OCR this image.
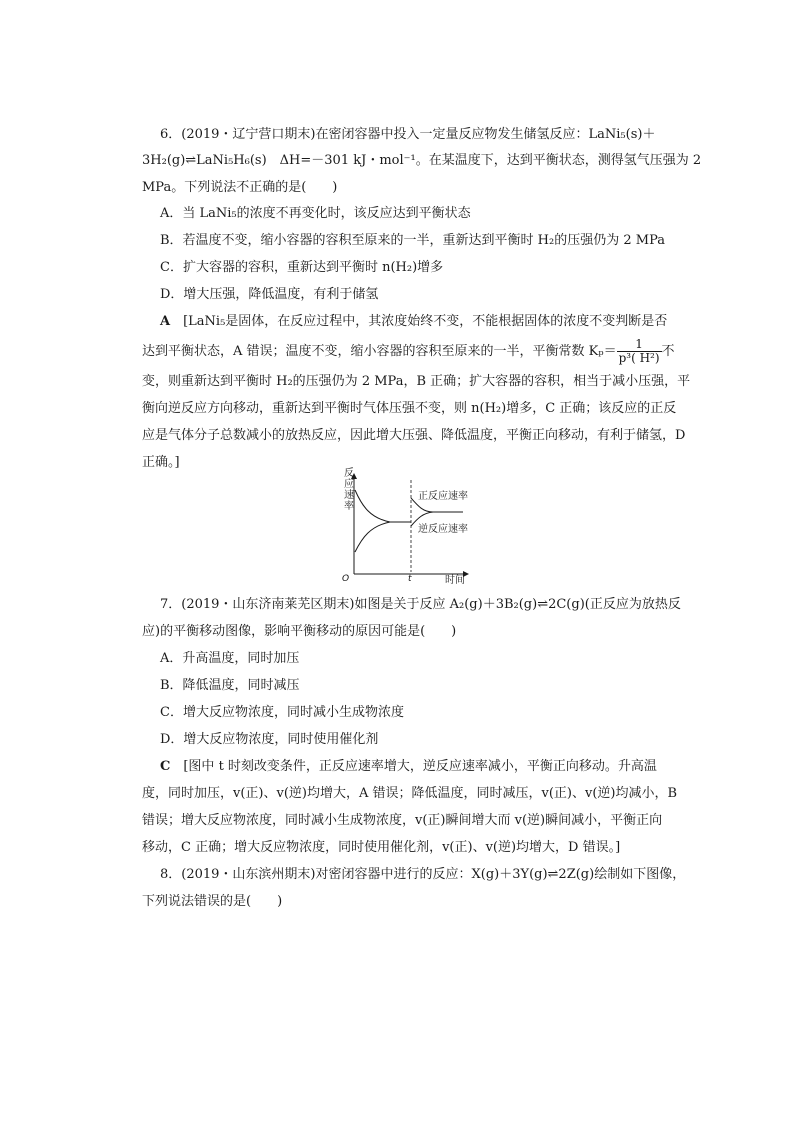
6．(2019・辽宁营口期末)在密闭容器中投入一定量反应物发生储氢反应：LaNi₅(s)＋
3H₂(g)⇌LaNi₅H₆(s)　ΔH=－301 kJ・mol⁻¹。在某温度下，达到平衡状态，测得氢气压强为 2
MPa。下列说法不正确的是(　　)
A．当 LaNi₅的浓度不再变化时，该反应达到平衡状态
B．若温度不变，缩小容器的容积至原来的一半，重新达到平衡时 H₂的压强仍为 2 MPa
C．扩大容器的容积，重新达到平衡时 n(H₂)增多
D．增大压强，降低温度，有利于储氢
A　[LaNi₅是固体，在反应过程中，其浓度始终不变，不能根据固体的浓度不变判断是否
达到平衡状态，A 错误；温度不变，缩小容器的容积至原来的一半，平衡常数 $K_p= \frac{1}{\text{p³( H²)}}$ 不
变，则重新达到平衡时 H₂的压强仍为 2 MPa，B 正确；扩大容器的容积，相当于减小压强，平
衡向逆反应方向移动，重新达到平衡时气体压强不变，则 n(H₂)增多，C 正确；该反应的正反
应是气体分子总数减小的放热反应，因此增大压强、降低温度，平衡正向移动，有利于储氢，D
正确。]
反
应
速
率
O	t	时间
正反应速率
逆反应速率
7．(2019・山东济南莱芜区期末)如图是关于反应 A₂(g)＋3B₂(g)⇌2C(g)(正反应为放热反
应)的平衡移动图像，影响平衡移动的原因可能是(　　)
A．升高温度，同时加压
B．降低温度，同时减压
C．增大反应物浓度，同时减小生成物浓度
D．增大反应物浓度，同时使用催化剂
C　[图中 t 时刻改变条件，正反应速率增大，逆反应速率减小，平衡正向移动。升高温
度，同时加压，v(正)、v(逆)均增大，A 错误；降低温度，同时减压，v(正)、v(逆)均减小，B
错误；增大反应物浓度，同时减小生成物浓度，v(正)瞬间增大而 v(逆)瞬间减小，平衡正向
移动，C 正确；增大反应物浓度，同时使用催化剂，v(正)、v(逆)均增大，D 错误。]
8．(2019・山东滨州期末)对密闭容器中进行的反应：X(g)＋3Y(g)⇌2Z(g)绘制如下图像，
下列说法错误的是(　　)
